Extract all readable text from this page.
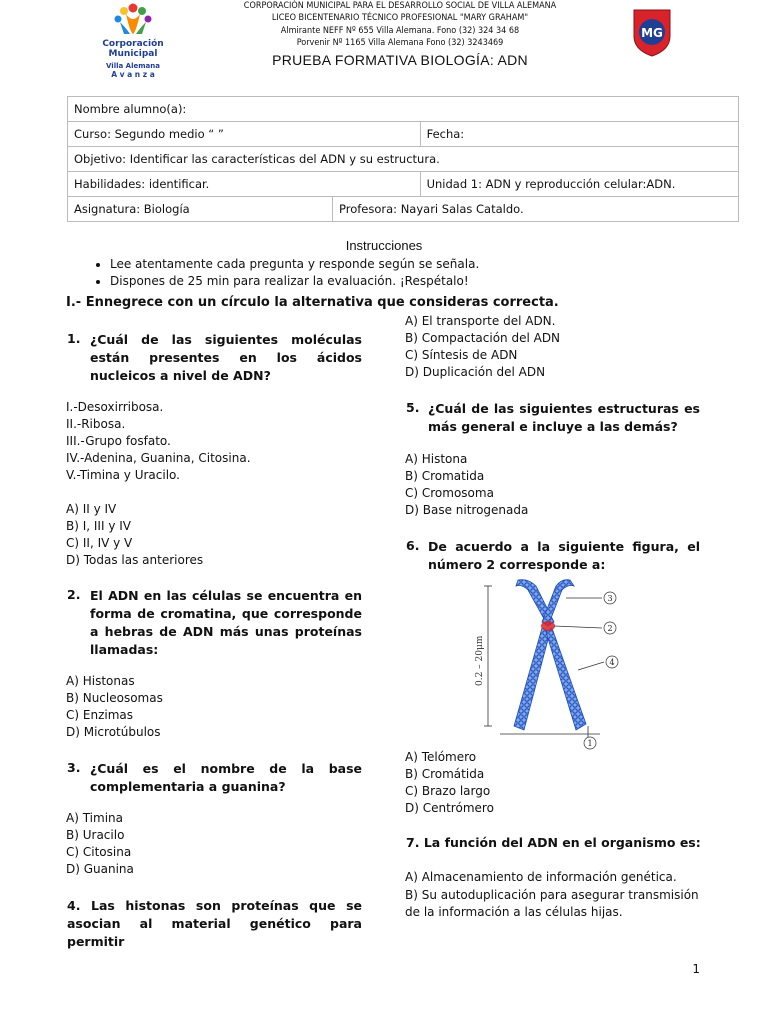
Corporación
Municipal
Villa Alemana
A v a n z a
MG
CORPORACIÓN MUNICIPAL PARA EL DESARROLLO SOCIAL DE VILLA ALEMANA
LICEO BICENTENARIO TÉCNICO PROFESIONAL "MARY GRAHAM"
Almirante NEFF Nº 655 Villa Alemana. Fono (32) 324 34 68
Porvenir Nº 1165 Villa Alemana Fono (32) 3243469
PRUEBA FORMATIVA BIOLOGÍA: ADN
Nombre alumno(a):		
Curso: Segundo medio “ ”		Fecha:
Objetivo: Identificar las características del ADN y su estructura.		
Habilidades: identificar.		Unidad 1: ADN y reproducción celular:ADN.
Asignatura: Biología	Profesora: Nayari Salas Cataldo.	
Instrucciones
• Lee atentamente cada pregunta y responde según se señala.
• Dispones de 25 min para realizar la evaluación. ¡Respétalo!
I.- Ennegrece con un círculo la alternativa que consideras correcta.
1. ¿Cuál de las siguientes moléculas están presentes en los ácidos nucleicos a nivel de ADN?
I.-Desoxirribosa.
II.-Ribosa.
III.-Grupo fosfato.
IV.-Adenina, Guanina, Citosina.
V.-Timina y Uracilo.
A) II y IV
B) I, III y IV
C) II, IV y V
D) Todas las anteriores
2. El ADN en las células se encuentra en forma de cromatina, que corresponde a hebras de ADN más unas proteínas llamadas:
A) Histonas
B) Nucleosomas
C) Enzimas
D) Microtúbulos
3. ¿Cuál es el nombre de la base complementaria a guanina?
A) Timina
B) Uracilo
C) Citosina
D) Guanina
4. Las histonas son proteínas que se asocian al material genético para permitir
A) El transporte del ADN.
B) Compactación del ADN
C) Síntesis de ADN
D) Duplicación del ADN
5. ¿Cuál de las siguientes estructuras es más general e incluye a las demás?
A) Histona
B) Cromatida
C) Cromosoma
D) Base nitrogenada
6. De acuerdo a la siguiente figura, el número 2 corresponde a:
0.2 – 20μm
3
2
4
1
A) Telómero
B) Cromátida
C) Brazo largo
D) Centrómero
7. La función del ADN en el organismo es:
A) Almacenamiento de información genética.
B) Su autoduplicación para asegurar transmisión de la información a las células hijas.
1
